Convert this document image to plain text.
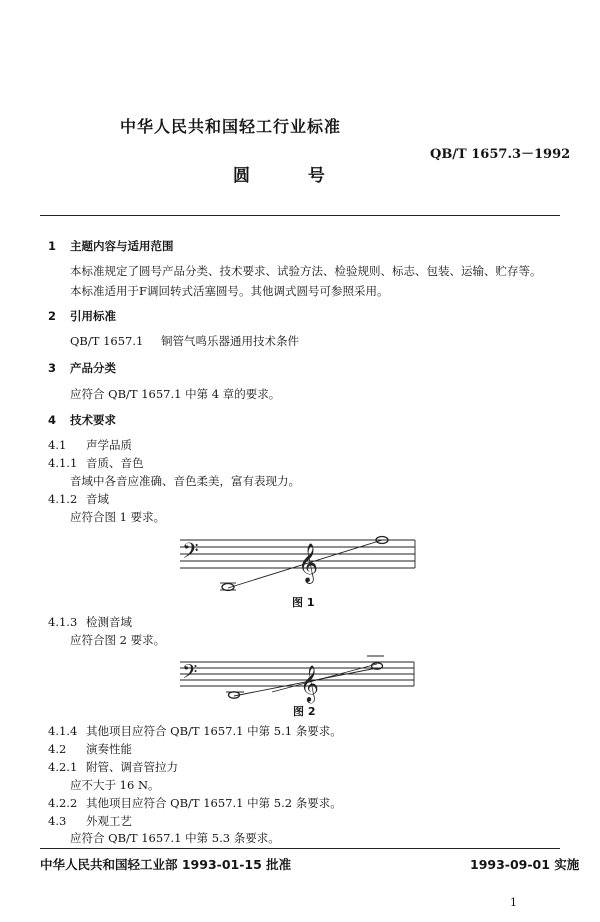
中华人民共和国轻工行业标准
QB/T 1657.3－1992
圆 号
1 主题内容与适用范围
本标准规定了圆号产品分类、技术要求、试验方法、检验规则、标志、包装、运输、贮存等。
本标准适用于F调回转式活塞圆号。其他调式圆号可参照采用。
2 引用标准
QB/T 1657.1 铜管气鸣乐器通用技术条件
3 产品分类
应符合 QB/T 1657.1 中第 4 章的要求。
4 技术要求
4.1 声学品质
4.1.1 音质、音色
音域中各音应准确、音色柔美，富有表现力。
4.1.2 音域
应符合图 1 要求。
𝄢	𝄞
图 1
4.1.3 检测音域
应符合图 2 要求。
𝄢	𝄞
图 2
4.1.4 其他项目应符合 QB/T 1657.1 中第 5.1 条要求。
4.2 演奏性能
4.2.1 附管、调音管拉力
应不大于 16 N。
4.2.2 其他项目应符合 QB/T 1657.1 中第 5.2 条要求。
4.3 外观工艺
应符合 QB/T 1657.1 中第 5.3 条要求。
中华人民共和国轻工业部 1993-01-15 批准	1993-09-01 实施
1
